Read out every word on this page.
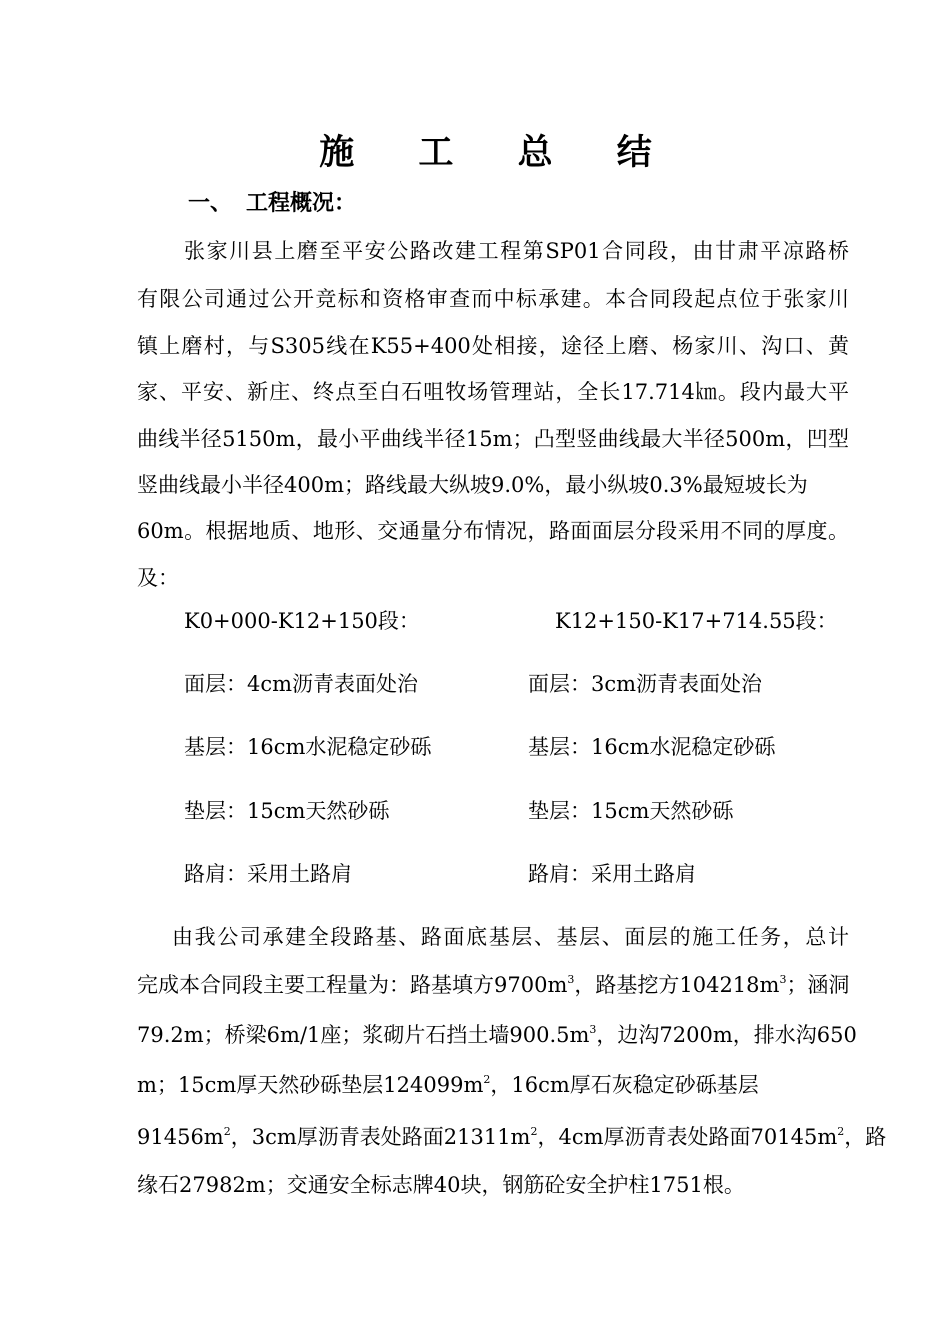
施 工 总 结
一、 工程概况：

张家川县上磨至平安公路改建工程第SP01合同段，由甘肃平凉路桥

有限公司通过公开竞标和资格审查而中标承建。本合同段起点位于张家川

镇上磨村，与S305线在K55+400处相接，途径上磨、杨家川、沟口、黄

家、平安、新庄、终点至白石咀牧场管理站，全长17.714㎞。段内最大平

曲线半径5150m，最小平曲线半径15m；凸型竖曲线最大半径500m，凹型

竖曲线最小半径400m；路线最大纵坡9.0%，最小纵坡0.3%最短坡长为

60m。根据地质、地形、交通量分布情况，路面面层分段采用不同的厚度。

及：

K0+000-K12+150段：	K12+150-K17+714.55段：

面层：4cm沥青表面处治	面层：3cm沥青表面处治

基层：16cm水泥稳定砂砾	基层：16cm水泥稳定砂砾

垫层：15cm天然砂砾	垫层：15cm天然砂砾

路肩：采用土路肩	路肩：采用土路肩

由我公司承建全段路基、路面底基层、基层、面层的施工任务，总计

完成本合同段主要工程量为：路基填方$9700m^3$，路基挖方$104218m^3$；涵洞

79.2m；桥梁6m/1座；浆砌片石挡土墙$900.5m^3$，边沟7200m，排水沟650

m；15cm厚天然砂砾垫层$124099m^2$，16cm厚石灰稳定砂砾基层

$91456m^2$，3cm厚沥青表处路面$21311m^2$，4cm厚沥青表处路面$70145m^2$，路

缘石27982m；交通安全标志牌40块，钢筋砼安全护柱1751根。
